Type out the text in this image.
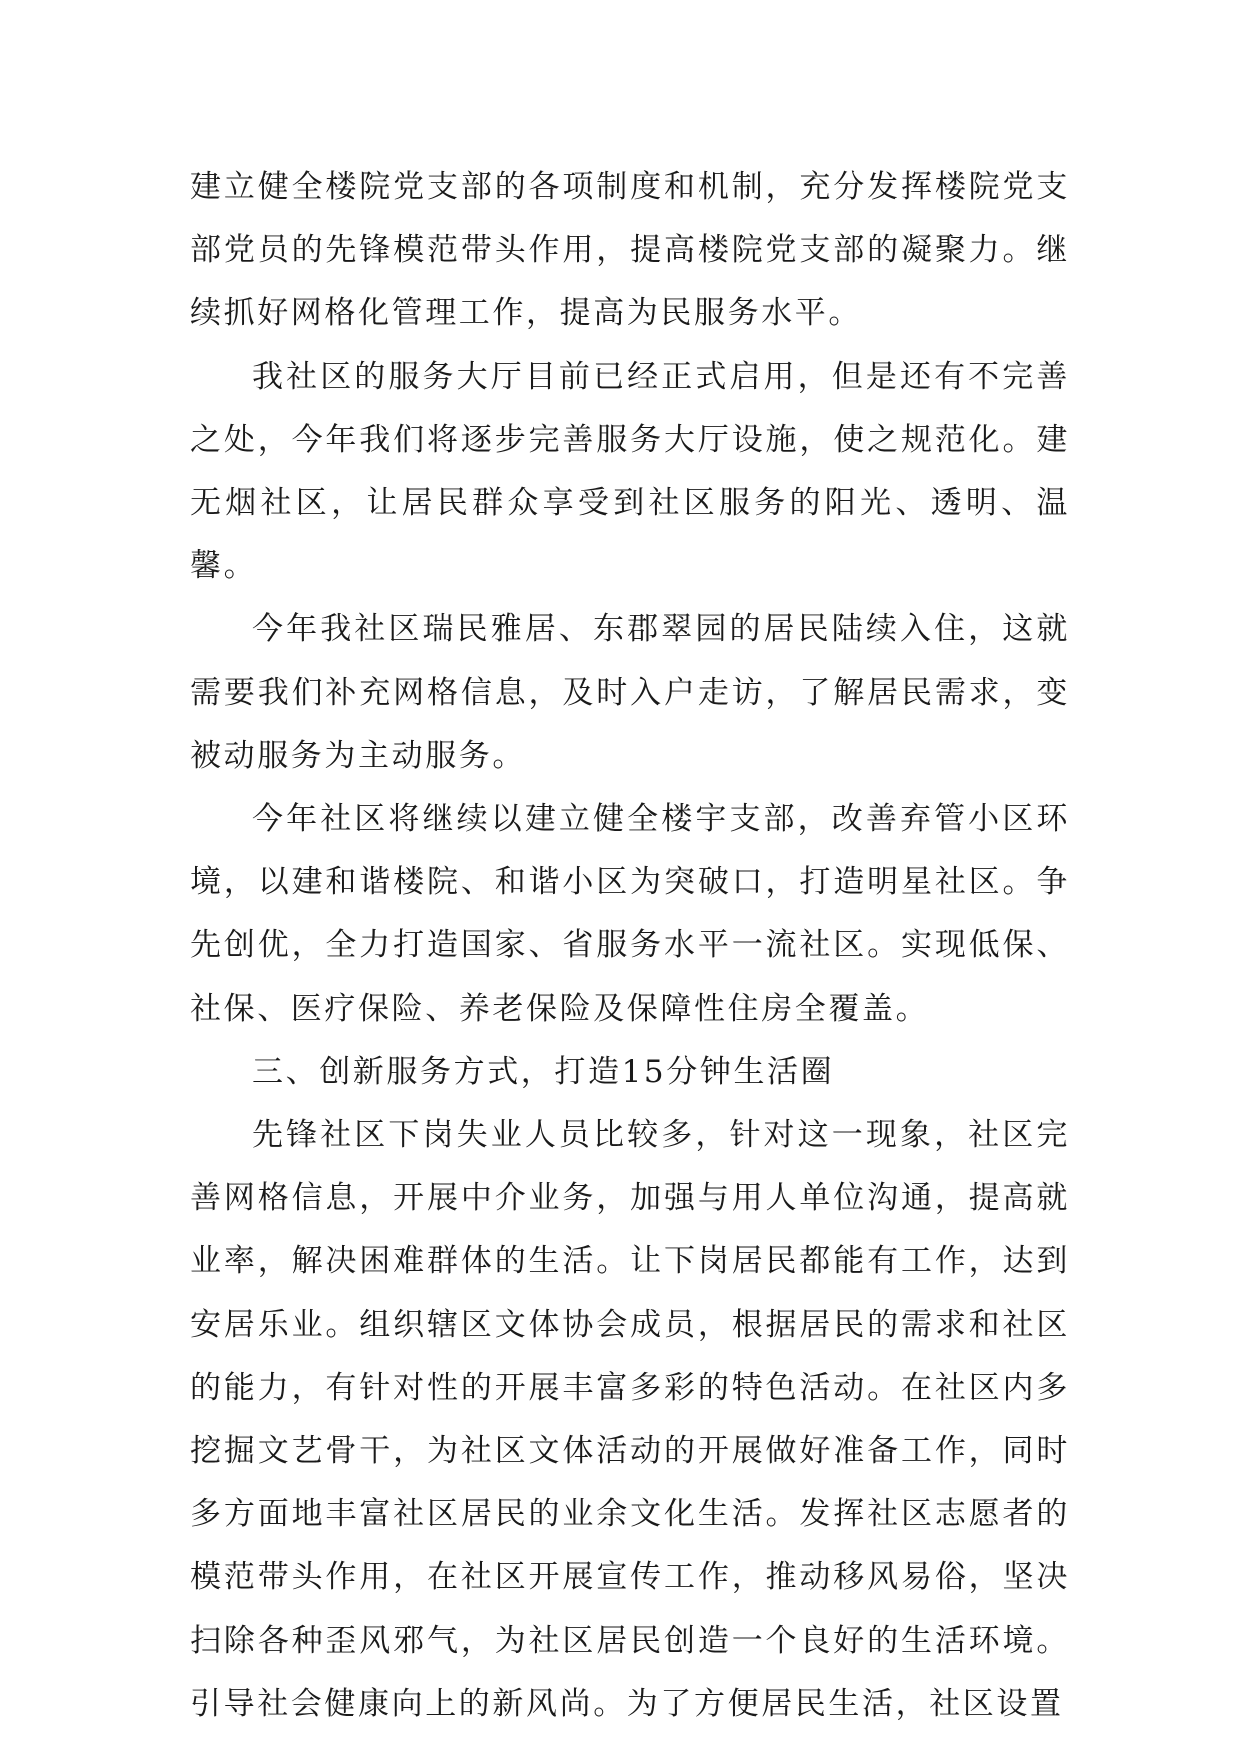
建立健全楼院党支部的各项制度和机制，充分发挥楼院党支部党员的先锋模范带头作用，提高楼院党支部的凝聚力。继续抓好网格化管理工作，提高为民服务水平。

我社区的服务大厅目前已经正式启用，但是还有不完善之处，今年我们将逐步完善服务大厅设施，使之规范化。建无烟社区，让居民群众享受到社区服务的阳光、透明、温馨。

今年我社区瑞民雅居、东郡翠园的居民陆续入住，这就需要我们补充网格信息，及时入户走访，了解居民需求，变被动服务为主动服务。

今年社区将继续以建立健全楼宇支部，改善弃管小区环境，以建和谐楼院、和谐小区为突破口，打造明星社区。争先创优，全力打造国家、省服务水平一流社区。实现低保、社保、医疗保险、养老保险及保障性住房全覆盖。

三、创新服务方式，打造15分钟生活圈

先锋社区下岗失业人员比较多，针对这一现象，社区完善网格信息，开展中介业务，加强与用人单位沟通，提高就业率，解决困难群体的生活。让下岗居民都能有工作，达到安居乐业。组织辖区文体协会成员，根据居民的需求和社区的能力，有针对性的开展丰富多彩的特色活动。在社区内多挖掘文艺骨干，为社区文体活动的开展做好准备工作，同时多方面地丰富社区居民的业余文化生活。发挥社区志愿者的模范带头作用，在社区开展宣传工作，推动移风易俗，坚决扫除各种歪风邪气，为社区居民创造一个良好的生活环境。引导社会健康向上的新风尚。为了方便居民生活，社区设置
